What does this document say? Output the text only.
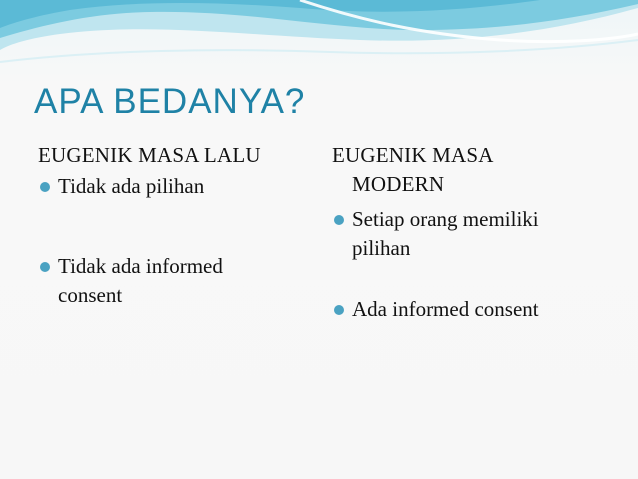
APA BEDANYA?
EUGENIK MASA LALU
Tidak ada pilihan
Tidak ada informed consent
EUGENIK MASA
MODERN
Setiap orang memiliki pilihan
Ada informed consent
